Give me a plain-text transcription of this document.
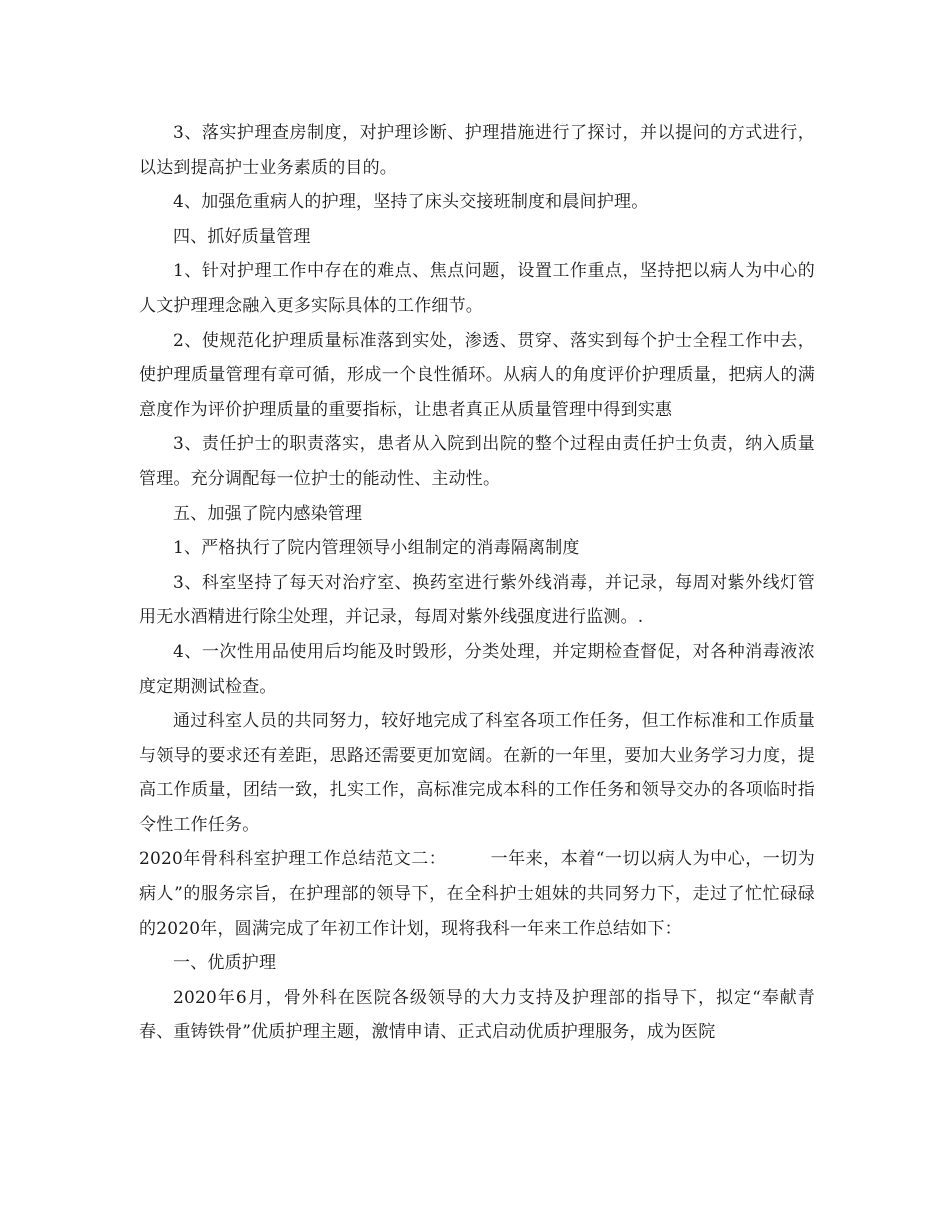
3、落实护理查房制度，对护理诊断、护理措施进行了探讨，并以提问的方式进行，以达到提高护士业务素质的目的。

4、加强危重病人的护理，坚持了床头交接班制度和晨间护理。

四、抓好质量管理

1、针对护理工作中存在的难点、焦点问题，设置工作重点，坚持把以病人为中心的人文护理理念融入更多实际具体的工作细节。

2、使规范化护理质量标准落到实处，渗透、贯穿、落实到每个护士全程工作中去，使护理质量管理有章可循，形成一个良性循环。从病人的角度评价护理质量，把病人的满意度作为评价护理质量的重要指标，让患者真正从质量管理中得到实惠

3、责任护士的职责落实，患者从入院到出院的整个过程由责任护士负责，纳入质量管理。充分调配每一位护士的能动性、主动性。

五、加强了院内感染管理

1、严格执行了院内管理领导小组制定的消毒隔离制度

3、科室坚持了每天对治疗室、换药室进行紫外线消毒，并记录，每周对紫外线灯管用无水酒精进行除尘处理，并记录，每周对紫外线强度进行监测。.

4、一次性用品使用后均能及时毁形，分类处理，并定期检查督促，对各种消毒液浓度定期测试检查。

通过科室人员的共同努力，较好地完成了科室各项工作任务，但工作标准和工作质量与领导的要求还有差距，思路还需要更加宽阔。在新的一年里，要加大业务学习力度，提高工作质量，团结一致，扎实工作，高标准完成本科的工作任务和领导交办的各项临时指令性工作任务。

2020年骨科科室护理工作总结范文二：	一年来，本着“一切以病人为中心，一切为病人”的服务宗旨，在护理部的领导下，在全科护士姐妹的共同努力下，走过了忙忙碌碌的2020年，圆满完成了年初工作计划，现将我科一年来工作总结如下：

一、优质护理

2020年6月，骨外科在医院各级领导的大力支持及护理部的指导下，拟定“奉献青春、重铸铁骨”优质护理主题，激情申请、正式启动优质护理服务，成为医院
